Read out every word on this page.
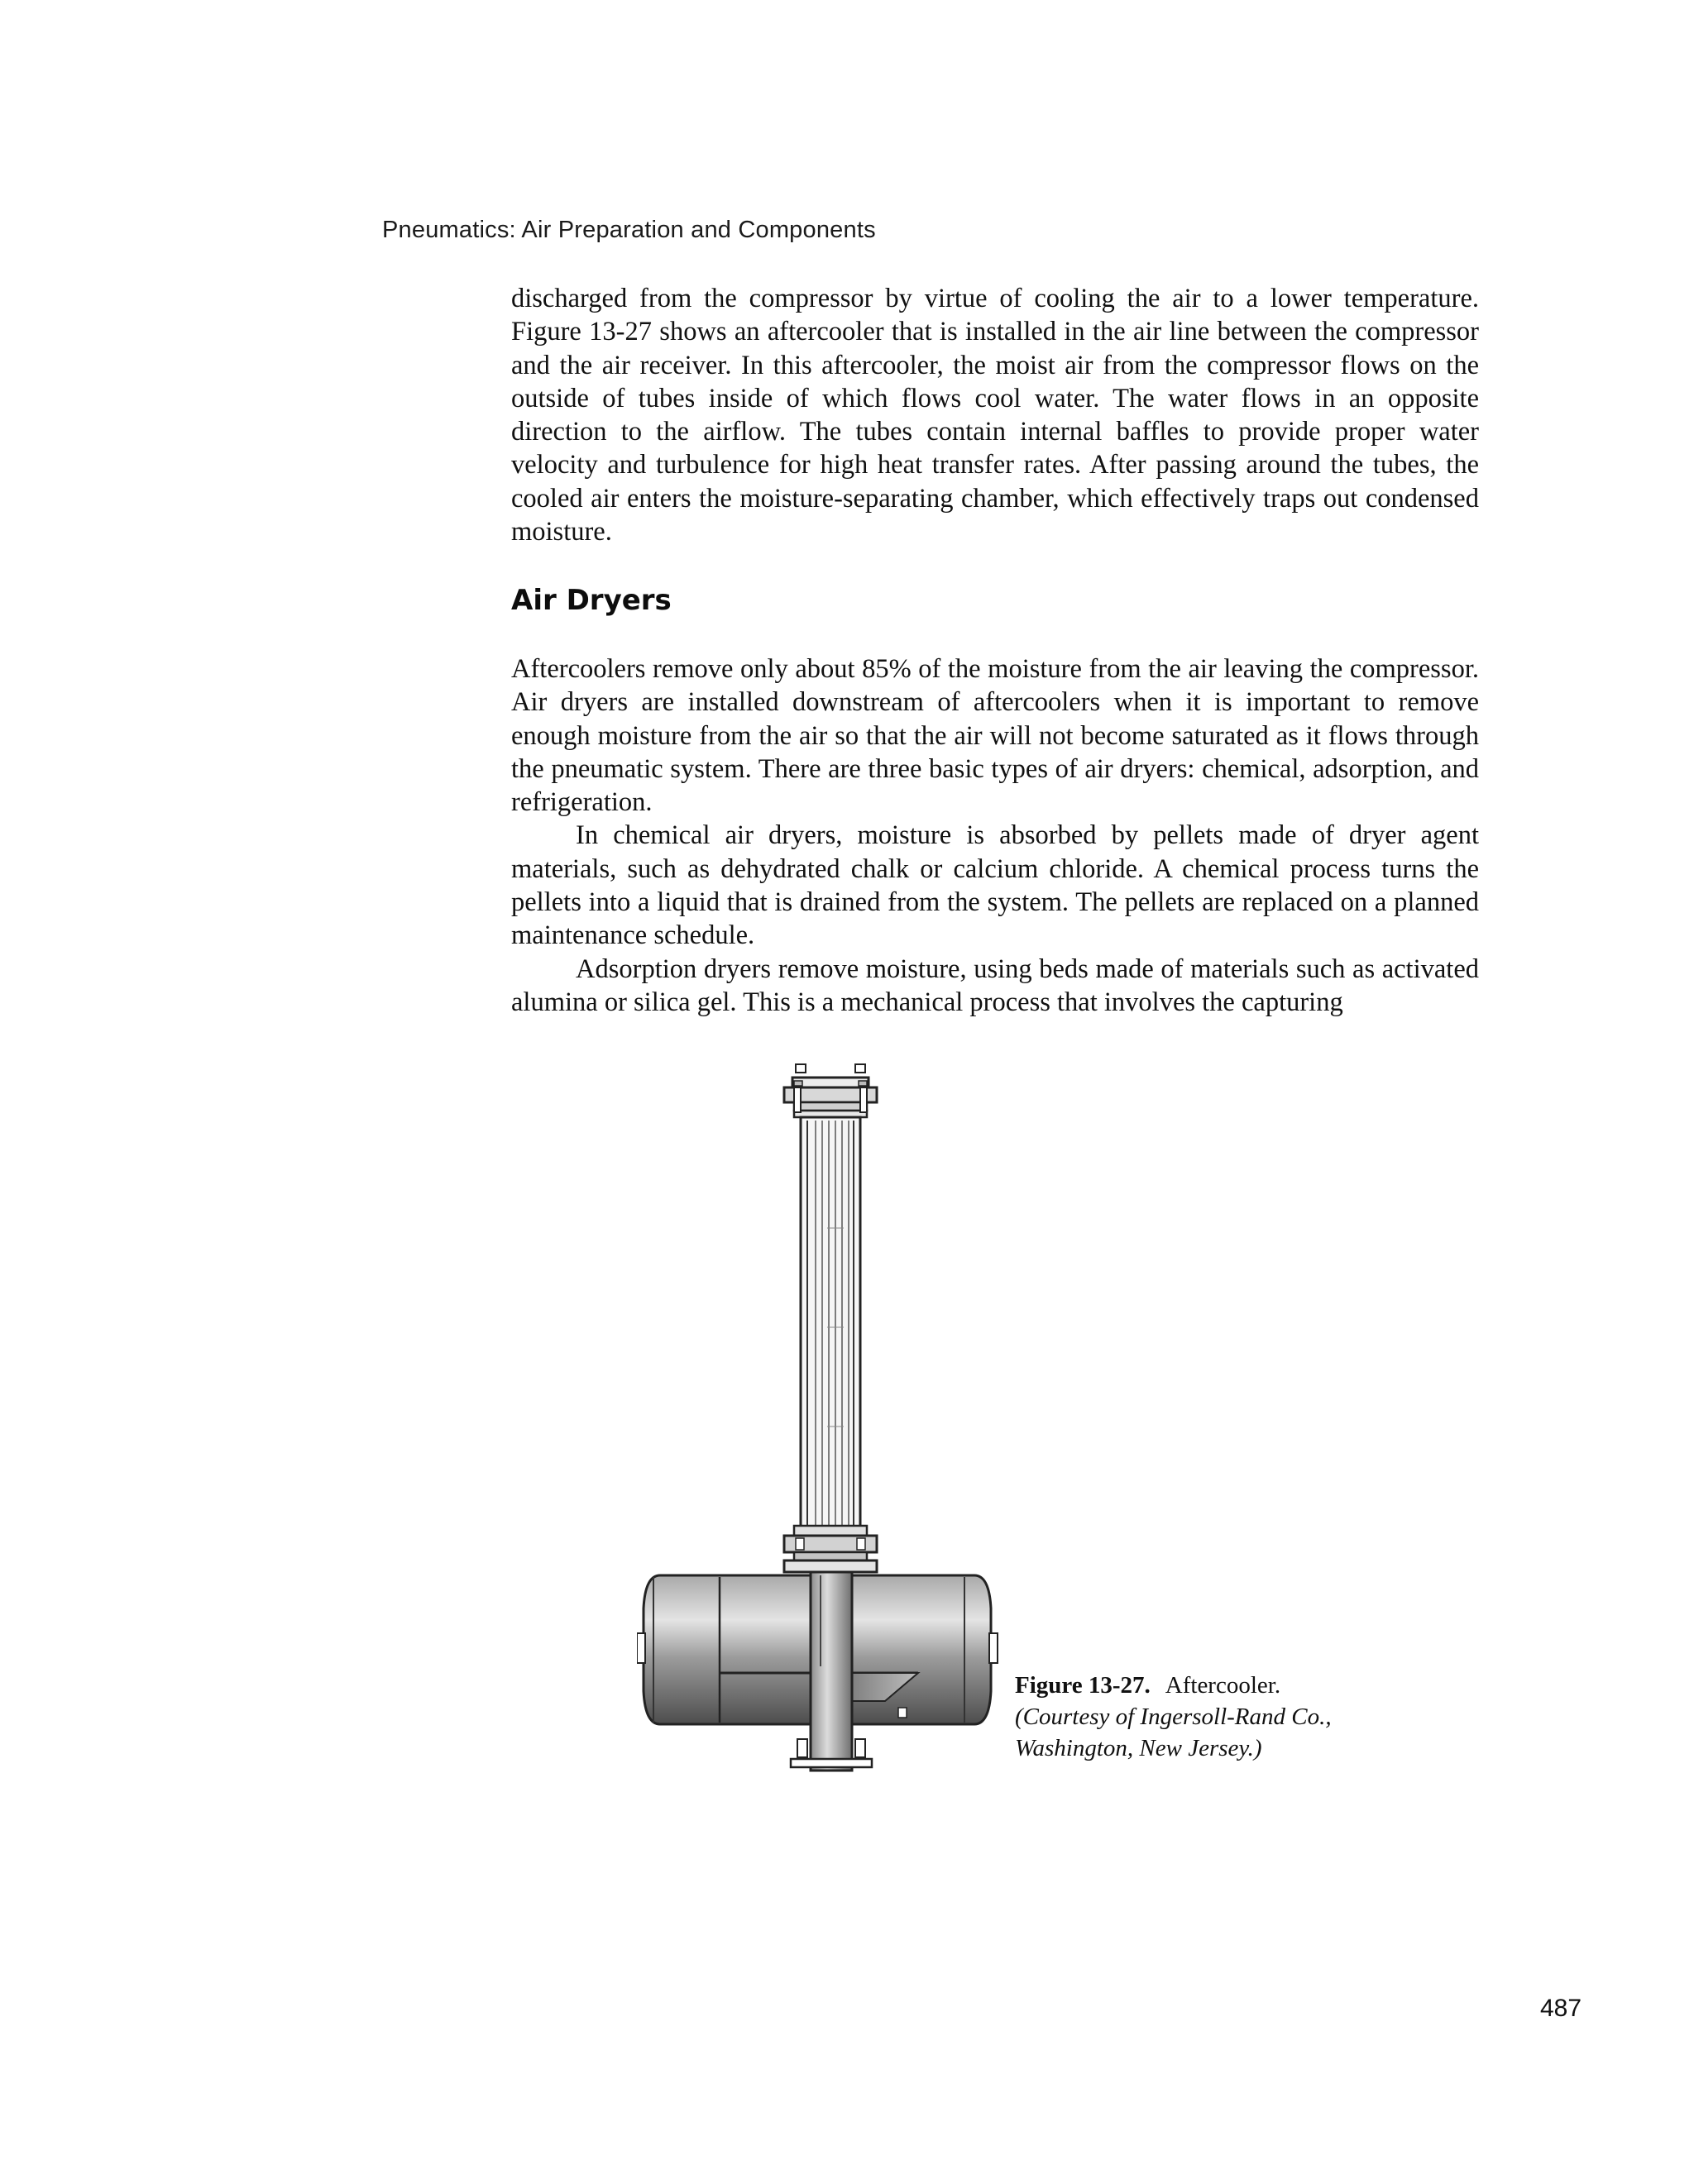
Pneumatics: Air Preparation and Components

discharged from the compressor by virtue of cooling the air to a lower temperature. Figure 13-27 shows an aftercooler that is installed in the air line between the compressor and the air receiver. In this aftercooler, the moist air from the compressor flows on the outside of tubes inside of which flows cool water. The water flows in an opposite direction to the airflow. The tubes contain internal baffles to provide proper water velocity and turbulence for high heat transfer rates. After passing around the tubes, the cooled air enters the moisture-separating chamber, which effectively traps out condensed moisture.

Air Dryers

Aftercoolers remove only about 85% of the moisture from the air leaving the compressor. Air dryers are installed downstream of aftercoolers when it is important to remove enough moisture from the air so that the air will not become saturated as it flows through the pneumatic system. There are three basic types of air dryers: chemical, adsorption, and refrigeration.

In chemical air dryers, moisture is absorbed by pellets made of dryer agent materials, such as dehydrated chalk or calcium chloride. A chemical process turns the pellets into a liquid that is drained from the system. The pellets are replaced on a planned maintenance schedule.

Adsorption dryers remove moisture, using beds made of materials such as activated alumina or silica gel. This is a mechanical process that involves the capturing

Figure 13-27. Aftercooler.
(Courtesy of Ingersoll-Rand Co., Washington, New Jersey.)
487
